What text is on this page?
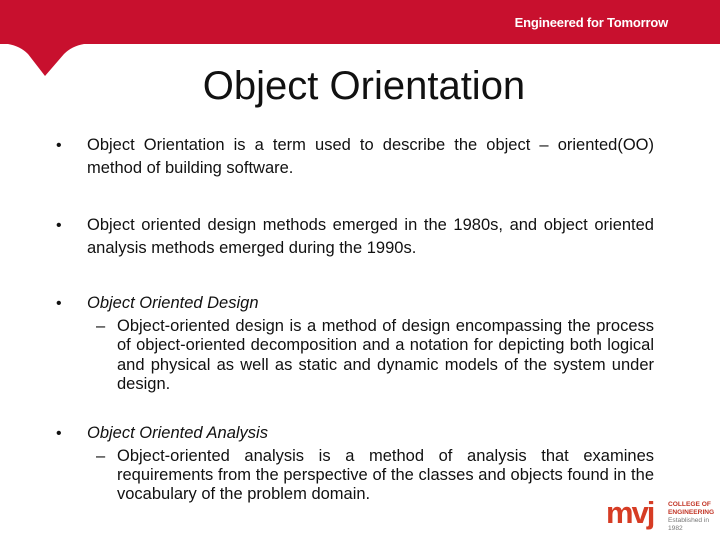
Engineered for Tomorrow
Object Orientation
• Object Orientation is a term used to describe the object – oriented(OO) method of building software.
• Object oriented design methods emerged in the 1980s, and object oriented analysis methods emerged during the 1990s.
• Object Oriented Design
– Object-oriented design is a method of design encompassing the process of object-oriented decomposition and a notation for depicting both logical and physical as well as static and dynamic models of the system under design.
• Object Oriented Analysis
– Object-oriented analysis is a method of analysis that examines requirements from the perspective of the classes and objects found in the vocabulary of the problem domain.
mvj COLLEGE OF
ENGINEERING
Established in 1982
